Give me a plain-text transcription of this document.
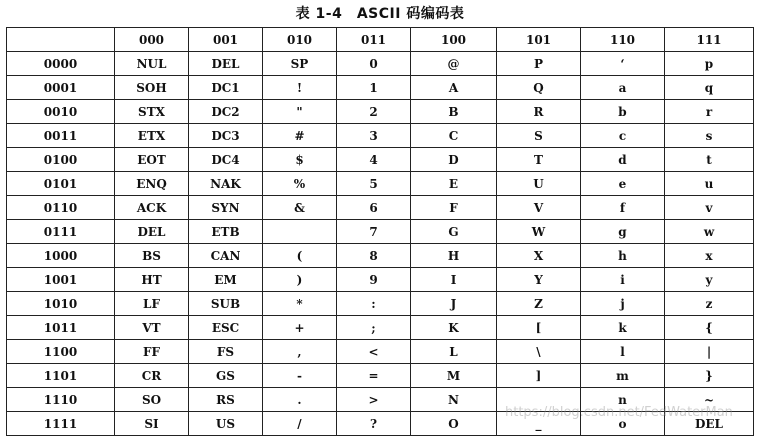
表 1-4　ASCII 码编码表
	000	001	010	011	100	101	110	111
0000	NUL	DEL	SP	0	@	P	‘	p
0001	SOH	DC1	!	1	A	Q	a	q
0010	STX	DC2	"	2	B	R	b	r
0011	ETX	DC3	#	3	C	S	c	s
0100	EOT	DC4	$	4	D	T	d	t
0101	ENQ	NAK	%	5	E	U	e	u
0110	ACK	SYN	&	6	F	V	f	v
0111	DEL	ETB		7	G	W	g	w
1000	BS	CAN	(	8	H	X	h	x
1001	HT	EM	)	9	I	Y	i	y
1010	LF	SUB	*	:	J	Z	j	z
1011	VT	ESC	+	;	K	[	k	{
1100	FF	FS	,	<	L	\	l	|
1101	CR	GS	-	=	M	]	m	}
1110	SO	RS	.	>	N		n	~
1111	SI	US	/	?	O	_	o	DEL
https://blog.csdn.net/FedWaterMan
